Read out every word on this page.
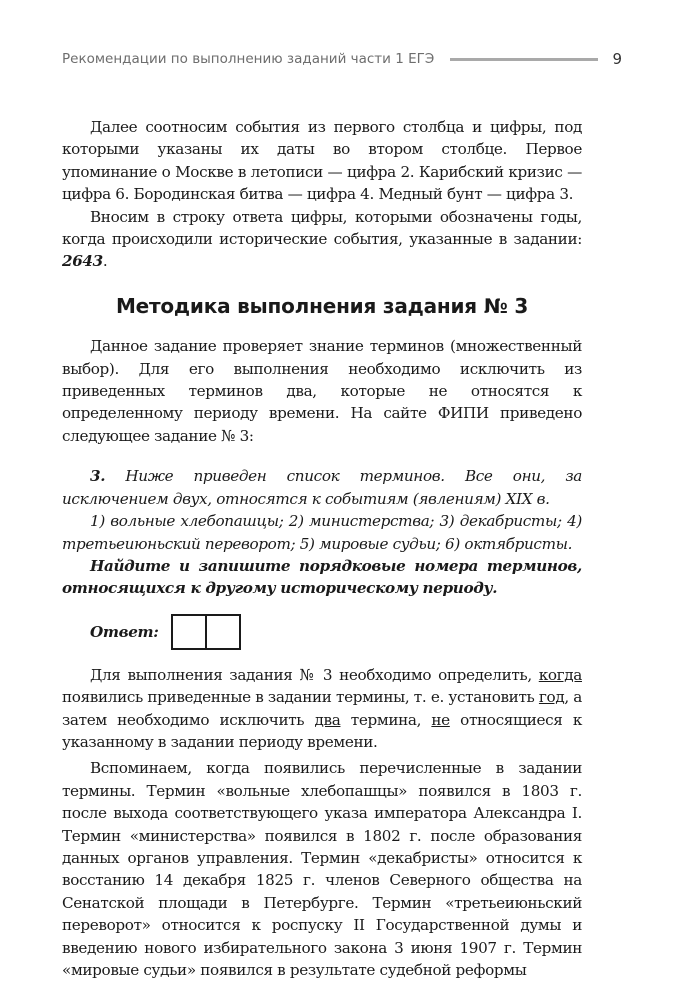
Рекомендации по выполнению заданий части 1 ЕГЭ	9

Далее соотносим события из первого столбца и цифры, под которыми указаны их даты во втором столбце. Первое упоминание о Москве в летописи — цифра 2. Карибский кризис — цифра 6. Бородинская битва — цифра 4. Медный бунт — цифра 3.

Вносим в строку ответа цифры, которыми обозначены годы, когда происходили исторические события, указанные в задании: 2643.

Методика выполнения задания № 3

Данное задание проверяет знание терминов (множественный выбор). Для его выполнения необходимо исключить из приведенных терминов два, которые не относятся к определенному периоду времени. На сайте ФИПИ приведено следующее задание № 3:

3. Ниже приведен список терминов. Все они, за исключением двух, относятся к событиям (явлениям) XIX в.

1) вольные хлебопашцы; 2) министерства; 3) декабристы; 4) третьеиюньский переворот; 5) мировые судьи; 6) октябристы.

Найдите и запишите порядковые номера терминов, относящихся к другому историческому периоду.

Ответ:

Для выполнения задания № 3 необходимо определить, когда появились приведенные в задании термины, т. е. установить год, а затем необходимо исключить два термина, не относящиеся к указанному в задании периоду времени.

Вспоминаем, когда появились перечисленные в задании термины. Термин «вольные хлебопашцы» появился в 1803 г. после выхода соответствующего указа императора Александра I. Термин «министерства» появился в 1802 г. после образования данных органов управления. Термин «декабристы» относится к восстанию 14 декабря 1825 г. членов Северного общества на Сенатской площади в Петербурге. Термин «третьеиюньский переворот» относится к роспуску II Государственной думы и введению нового избирательного закона 3 июня 1907 г. Термин «мировые судьи» появился в результате судебной реформы
